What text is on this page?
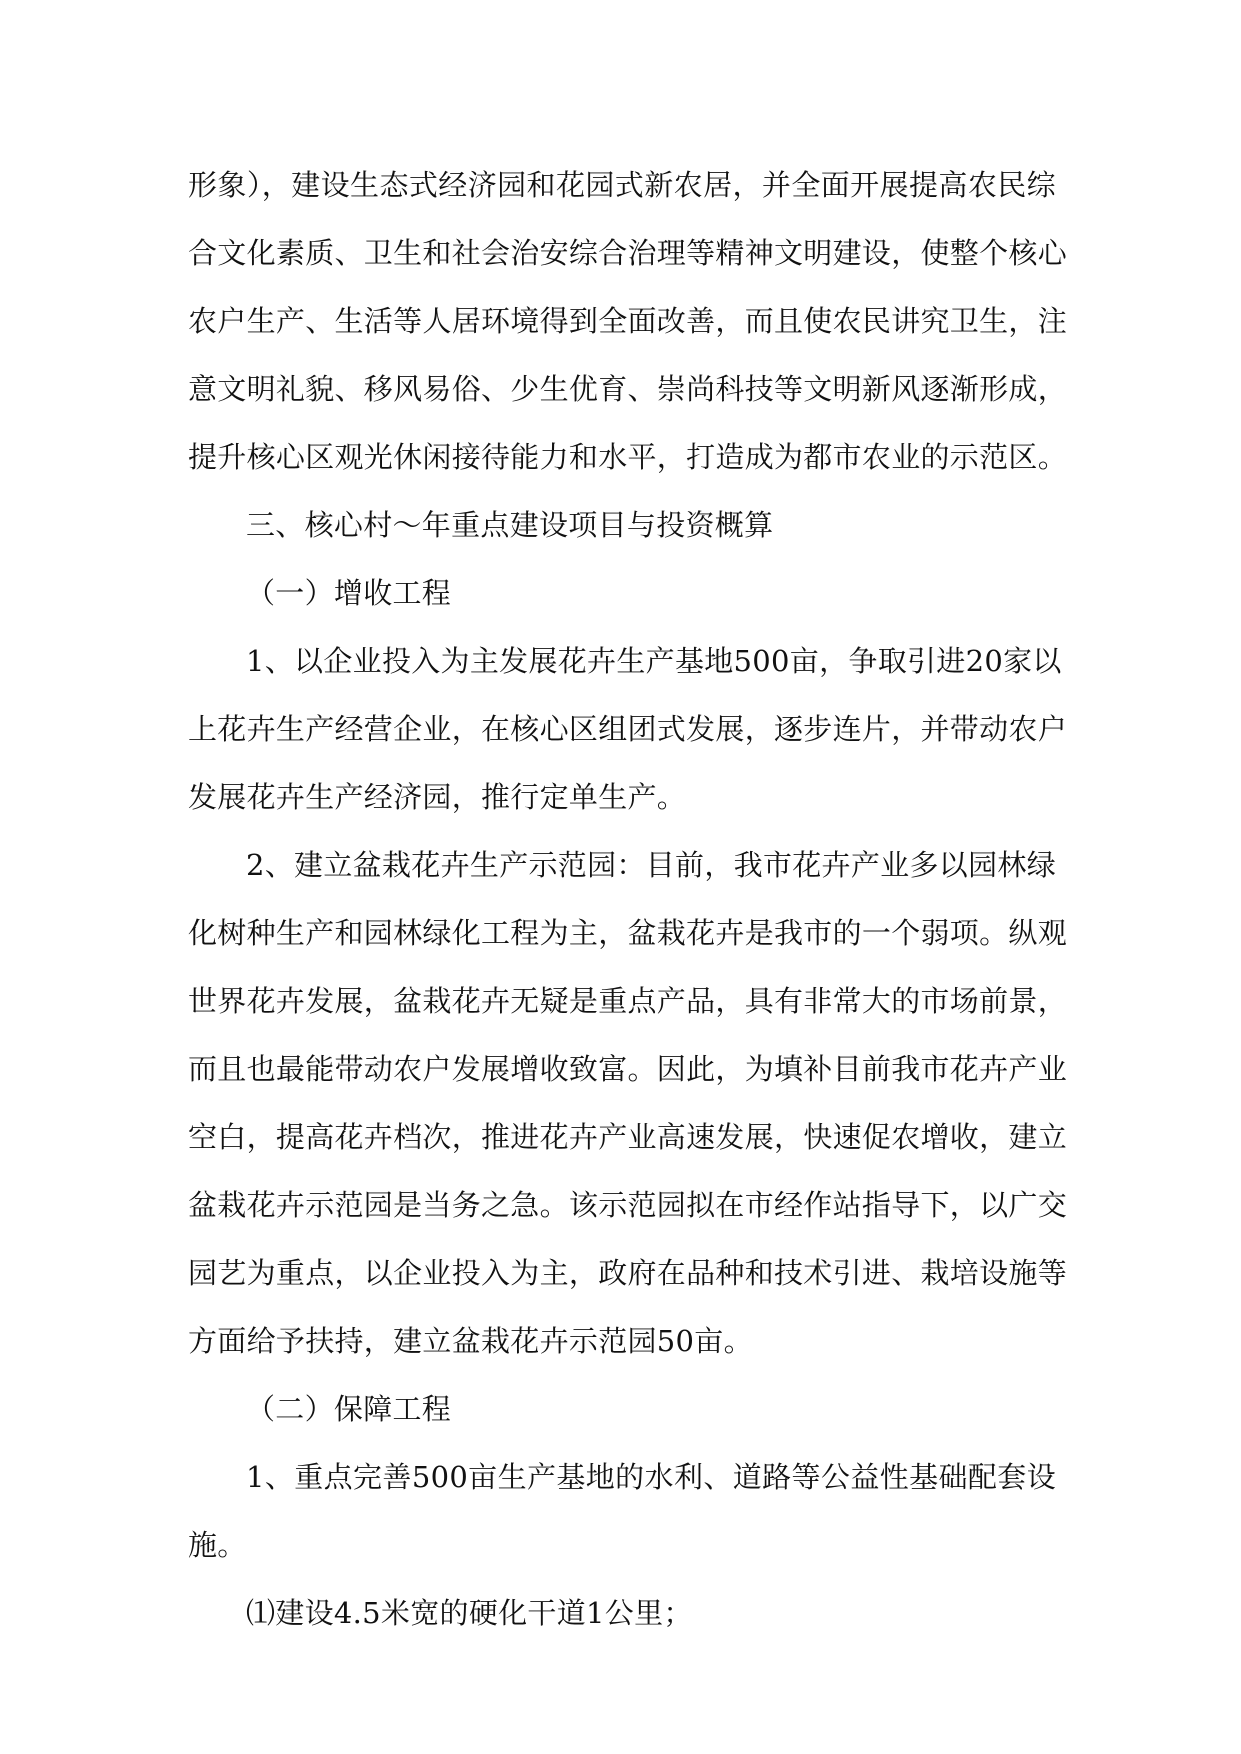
形象），建设生态式经济园和花园式新农居，并全面开展提高农民综
合文化素质、卫生和社会治安综合治理等精神文明建设，使整个核心
农户生产、生活等人居环境得到全面改善，而且使农民讲究卫生，注
意文明礼貌、移风易俗、少生优育、崇尚科技等文明新风逐渐形成，
提升核心区观光休闲接待能力和水平，打造成为都市农业的示范区。
三、核心村～年重点建设项目与投资概算
（一）增收工程
1、以企业投入为主发展花卉生产基地500亩，争取引进20家以
上花卉生产经营企业，在核心区组团式发展，逐步连片，并带动农户
发展花卉生产经济园，推行定单生产。
2、建立盆栽花卉生产示范园：目前，我市花卉产业多以园林绿
化树种生产和园林绿化工程为主，盆栽花卉是我市的一个弱项。纵观
世界花卉发展，盆栽花卉无疑是重点产品，具有非常大的市场前景，
而且也最能带动农户发展增收致富。因此，为填补目前我市花卉产业
空白，提高花卉档次，推进花卉产业高速发展，快速促农增收，建立
盆栽花卉示范园是当务之急。该示范园拟在市经作站指导下，以广交
园艺为重点，以企业投入为主，政府在品种和技术引进、栽培设施等
方面给予扶持，建立盆栽花卉示范园50亩。
（二）保障工程
1、重点完善500亩生产基地的水利、道路等公益性基础配套设
施。
⑴建设4.5米宽的硬化干道1公里；
